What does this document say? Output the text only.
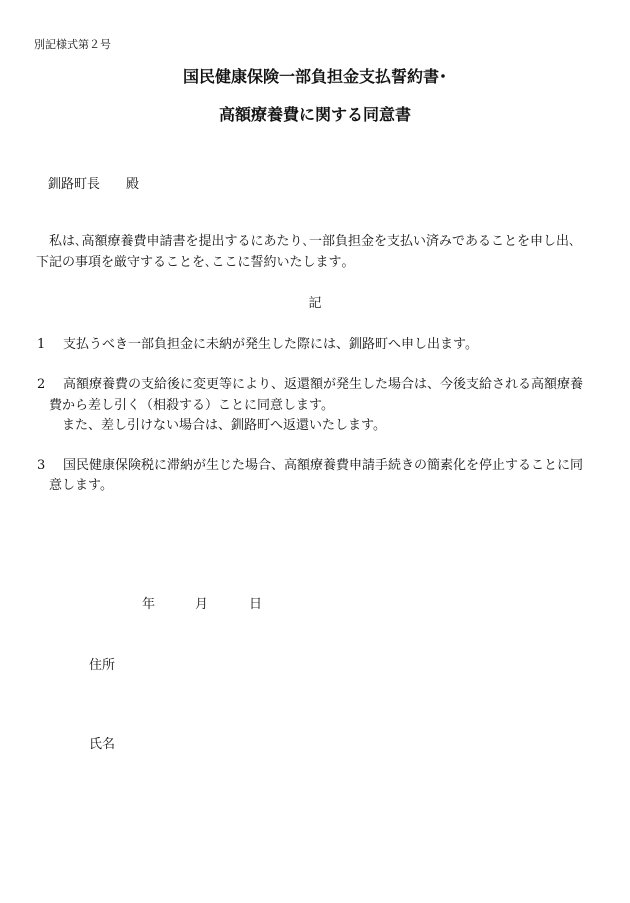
別記様式第２号
国民健康保険一部負担金支払誓約書･
高額療養費に関する同意書
釧路町長 殿
私は､高額療養費申請書を提出するにあたり､一部負担金を支払い済みであることを申し出､
下記の事項を厳守することを､ここに誓約いたします｡
記
1 支払うべき一部負担金に未納が発生した際には、釧路町へ申し出ます。
2 高額療養費の支給後に変更等により、返還額が発生した場合は、今後支給される高額療養
費から差し引く（相殺する）ことに同意します。
また、差し引けない場合は、釧路町へ返還いたします。
3 国民健康保険税に滞納が生じた場合、高額療養費申請手続きの簡素化を停止することに同
意します。
年	月	日
住所
氏名
